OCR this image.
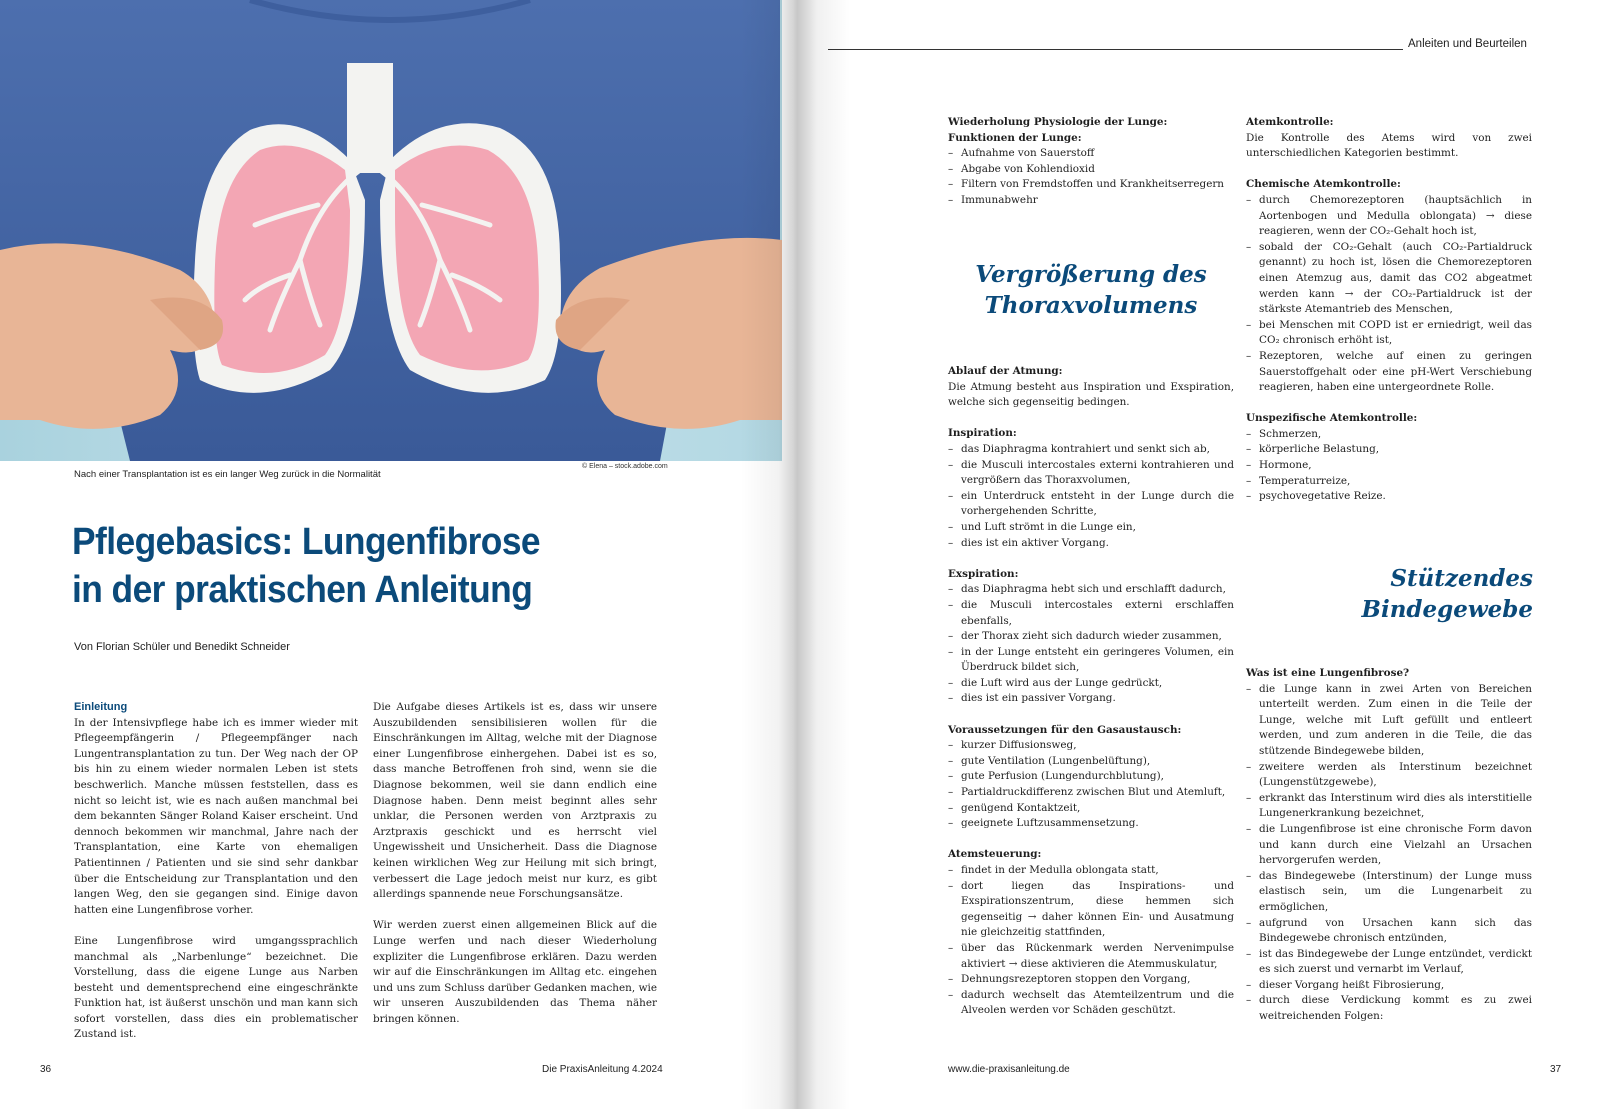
Nach einer Transplantation ist es ein langer Weg zurück in die Normalität
© Elena – stock.adobe.com
Pflegebasics: Lungenfibrose
in der praktischen Anleitung
Von Florian Schüler und Benedikt Schneider
Einleitung

In der Intensivpflege habe ich es immer wieder mit Pflegeempfängerin / Pflegeempfänger nach Lungentransplantation zu tun. Der Weg nach der OP bis hin zu einem wieder normalen Leben ist stets beschwerlich. Manche müssen feststellen, dass es nicht so leicht ist, wie es nach außen manchmal bei dem bekannten Sänger Roland Kaiser erscheint. Und dennoch bekommen wir manchmal, Jahre nach der Transplantation, eine Karte von ehemaligen Patientinnen / Patienten und sie sind sehr dankbar über die Entscheidung zur Transplantation und den langen Weg, den sie gegangen sind. Einige davon hatten eine Lungenfibrose vorher.

Eine Lungenfibrose wird umgangssprachlich manchmal als „Narbenlunge“ bezeichnet. Die Vorstellung, dass die eigene Lunge aus Narben besteht und dementsprechend eine eingeschränkte Funktion hat, ist äußerst unschön und man kann sich sofort vorstellen, dass dies ein problematischer Zustand ist.

Die Aufgabe dieses Artikels ist es, dass wir unsere Auszubildenden sensibilisieren wollen für die Einschränkungen im Alltag, welche mit der Diagnose einer Lungenfibrose einhergehen. Dabei ist es so, dass manche Betroffenen froh sind, wenn sie die Diagnose bekommen, weil sie dann endlich eine Diagnose haben. Denn meist beginnt alles sehr unklar, die Personen werden von Arztpraxis zu Arztpraxis geschickt und es herrscht viel Ungewissheit und Unsicherheit. Dass die Diagnose keinen wirklichen Weg zur Heilung mit sich bringt, verbessert die Lage jedoch meist nur kurz, es gibt allerdings spannende neue Forschungsansätze.

Wir werden zuerst einen allgemeinen Blick auf die Lunge werfen und nach dieser Wiederholung expliziter die Lungenfibrose erklären. Dazu werden wir auf die Einschränkungen im Alltag etc. eingehen und uns zum Schluss darüber Gedanken machen, wie wir unseren Auszubildenden das Thema näher bringen können.

36	Die PraxisAnleitung 4.2024
Anleiten und Beurteilen
Wiederholung Physiologie der Lunge:
Funktionen der Lunge:
– Aufnahme von Sauerstoff
– Abgabe von Kohlendioxid
– Filtern von Fremdstoffen und Krankheitserregern
– Immunabwehr
Vergrößerung des
Thoraxvolumens
Ablauf der Atmung:

Die Atmung besteht aus Inspiration und Exspiration, welche sich gegenseitig bedingen.

Inspiration:
– das Diaphragma kontrahiert und senkt sich ab,
– die Musculi intercostales externi kontrahieren und vergrößern das Thoraxvolumen,
– ein Unterdruck entsteht in der Lunge durch die vorhergehenden Schritte,
– und Luft strömt in die Lunge ein,
– dies ist ein aktiver Vorgang.
Exspiration:
– das Diaphragma hebt sich und erschlafft dadurch,
– die Musculi intercostales externi erschlaffen ebenfalls,
– der Thorax zieht sich dadurch wieder zusammen,
– in der Lunge entsteht ein geringeres Volumen, ein Überdruck bildet sich,
– die Luft wird aus der Lunge gedrückt,
– dies ist ein passiver Vorgang.
Voraussetzungen für den Gasaustausch:
– kurzer Diffusionsweg,
– gute Ventilation (Lungenbelüftung),
– gute Perfusion (Lungendurchblutung),
– Partialdruckdifferenz zwischen Blut und Atemluft,
– genügend Kontaktzeit,
– geeignete Luftzusammensetzung.
Atemsteuerung:
– findet in der Medulla oblongata statt,
– dort liegen das Inspirations- und Exspirationszentrum, diese hemmen sich gegenseitig → daher können Ein- und Ausatmung nie gleichzeitig stattfinden,
– über das Rückenmark werden Nervenimpulse aktiviert → diese aktivieren die Atemmuskulatur,
– Dehnungsrezeptoren stoppen den Vorgang,
– dadurch wechselt das Atemteilzentrum und die Alveolen werden vor Schäden geschützt.
Atemkontrolle:

Die Kontrolle des Atems wird von zwei unterschiedlichen Kategorien bestimmt.

Chemische Atemkontrolle:
– durch Chemorezeptoren (hauptsächlich in Aortenbogen und Medulla oblongata) → diese reagieren, wenn der CO₂-Gehalt hoch ist,
– sobald der CO₂-Gehalt (auch CO₂-Partialdruck genannt) zu hoch ist, lösen die Chemorezeptoren einen Atemzug aus, damit das CO2 abgeatmet werden kann → der CO₂-Partialdruck ist der stärkste Atemantrieb des Menschen,
– bei Menschen mit COPD ist er erniedrigt, weil das CO₂ chronisch erhöht ist,
– Rezeptoren, welche auf einen zu geringen Sauerstoffgehalt oder eine pH-Wert Verschiebung reagieren, haben eine untergeordnete Rolle.
Unspezifische Atemkontrolle:
– Schmerzen,
– körperliche Belastung,
– Hormone,
– Temperaturreize,
– psychovegetative Reize.
Stützendes
Bindegewebe
Was ist eine Lungenfibrose?
– die Lunge kann in zwei Arten von Bereichen unterteilt werden. Zum einen in die Teile der Lunge, welche mit Luft gefüllt und entleert werden, und zum anderen in die Teile, die das stützende Bindegewebe bilden,
– zweitere werden als Interstinum bezeichnet (Lungenstützgewebe),
– erkrankt das Interstinum wird dies als interstitielle Lungenerkrankung bezeichnet,
– die Lungenfibrose ist eine chronische Form davon und kann durch eine Vielzahl an Ursachen hervorgerufen werden,
– das Bindegewebe (Interstinum) der Lunge muss elastisch sein, um die Lungenarbeit zu ermöglichen,
– aufgrund von Ursachen kann sich das Bindegewebe chronisch entzünden,
– ist das Bindegewebe der Lunge entzündet, verdickt es sich zuerst und vernarbt im Verlauf,
– dieser Vorgang heißt Fibrosierung,
– durch diese Verdickung kommt es zu zwei weitreichenden Folgen:
www.die-praxisanleitung.de	37
